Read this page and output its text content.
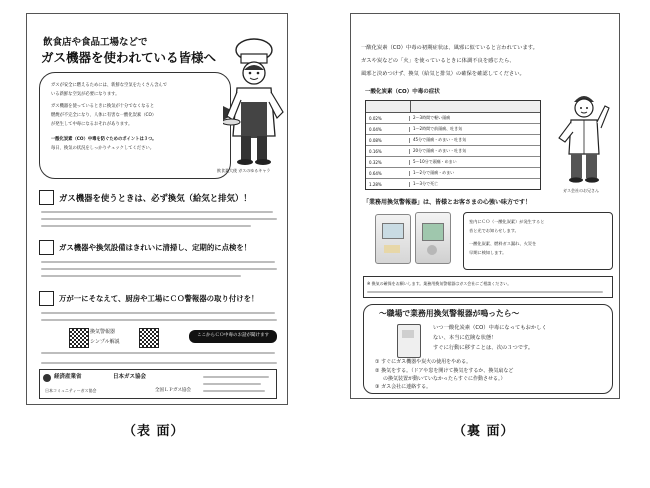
飲食店や食品工場などで
ガス機器を使われている皆様へ
ガスが安全に燃えるためには、新鮮な空気をたくさん含んで
いる新鮮な空気が必要になります。
ガス機器を使っているときに換気が十分でなくなると
燃焼が不完全になり、人体に有害な一酸化炭素（CO）
が発生して中毒になるおそれがあります。
一酸化炭素（CO）中毒を防ぐためのポイントは３つ。
毎日、換気の状況をしっかりチェックしてください。
飲食業大使 ガスのゆるキャラ
ガス機器を使うときは、必ず換気（給気と排気）！
ガス機器や換気設備はきれいに清掃し、定期的に点検を！
万が一にそなえて、厨房や工場にＣＯ警報器の取り付けを！
換気警報器
シンプル解説
ここからＣＯ中毒のお話が聞けます
経済産業省	日本ガス協会
日本コミュニティーガス協会	全国ＬＰガス協会
一酸化炭素（CO）中毒の初期症状は、風邪に似ていると言われています。
ガスや炭などの「火」を使っているときに体調不良を感じたら、
風邪と決めつけず、換気（給気と排気）の確保を確認してください。
一酸化炭素（CO）中毒の症状
0.02%	2〜3時間で軽い頭痛
0.04%	1〜2時間で前頭痛、吐き気
0.08%	45分で頭痛・めまい・吐き気
0.16%	20分で頭痛・めまい・吐き気
0.32%	5〜10分で頭痛・めまい
0.64%	1〜2分で頭痛・めまい
1.28%	1〜3分で死亡
ガス会社のお兄さん
「業務用換気警報器」は、皆様とお客さまの心強い味方です！
室内にＣＯ（一酸化炭素）が発生すると
音と光でお知らせします。
一酸化炭素、燃料ガス漏れ、火災を
早期に検知します。
※ 換気の確保をお願いします。業務用換気警報器はガス会社にご相談ください。
〜職場で業務用換気警報器が鳴ったら〜
いつ一酸化炭素（CO）中毒になってもおかしく
ない、本当に危険な状態！
すぐに行動に移すことは、次の３つです。
① すぐにガス機器や炭火の使用をやめる。
② 換気をする。（ドアや窓を開けて換気をするか、換気扇など
の換気装置が動いていなかったらすぐに作動させる。）
③ ガス会社に連絡する。
（表 面）	（裏 面）
